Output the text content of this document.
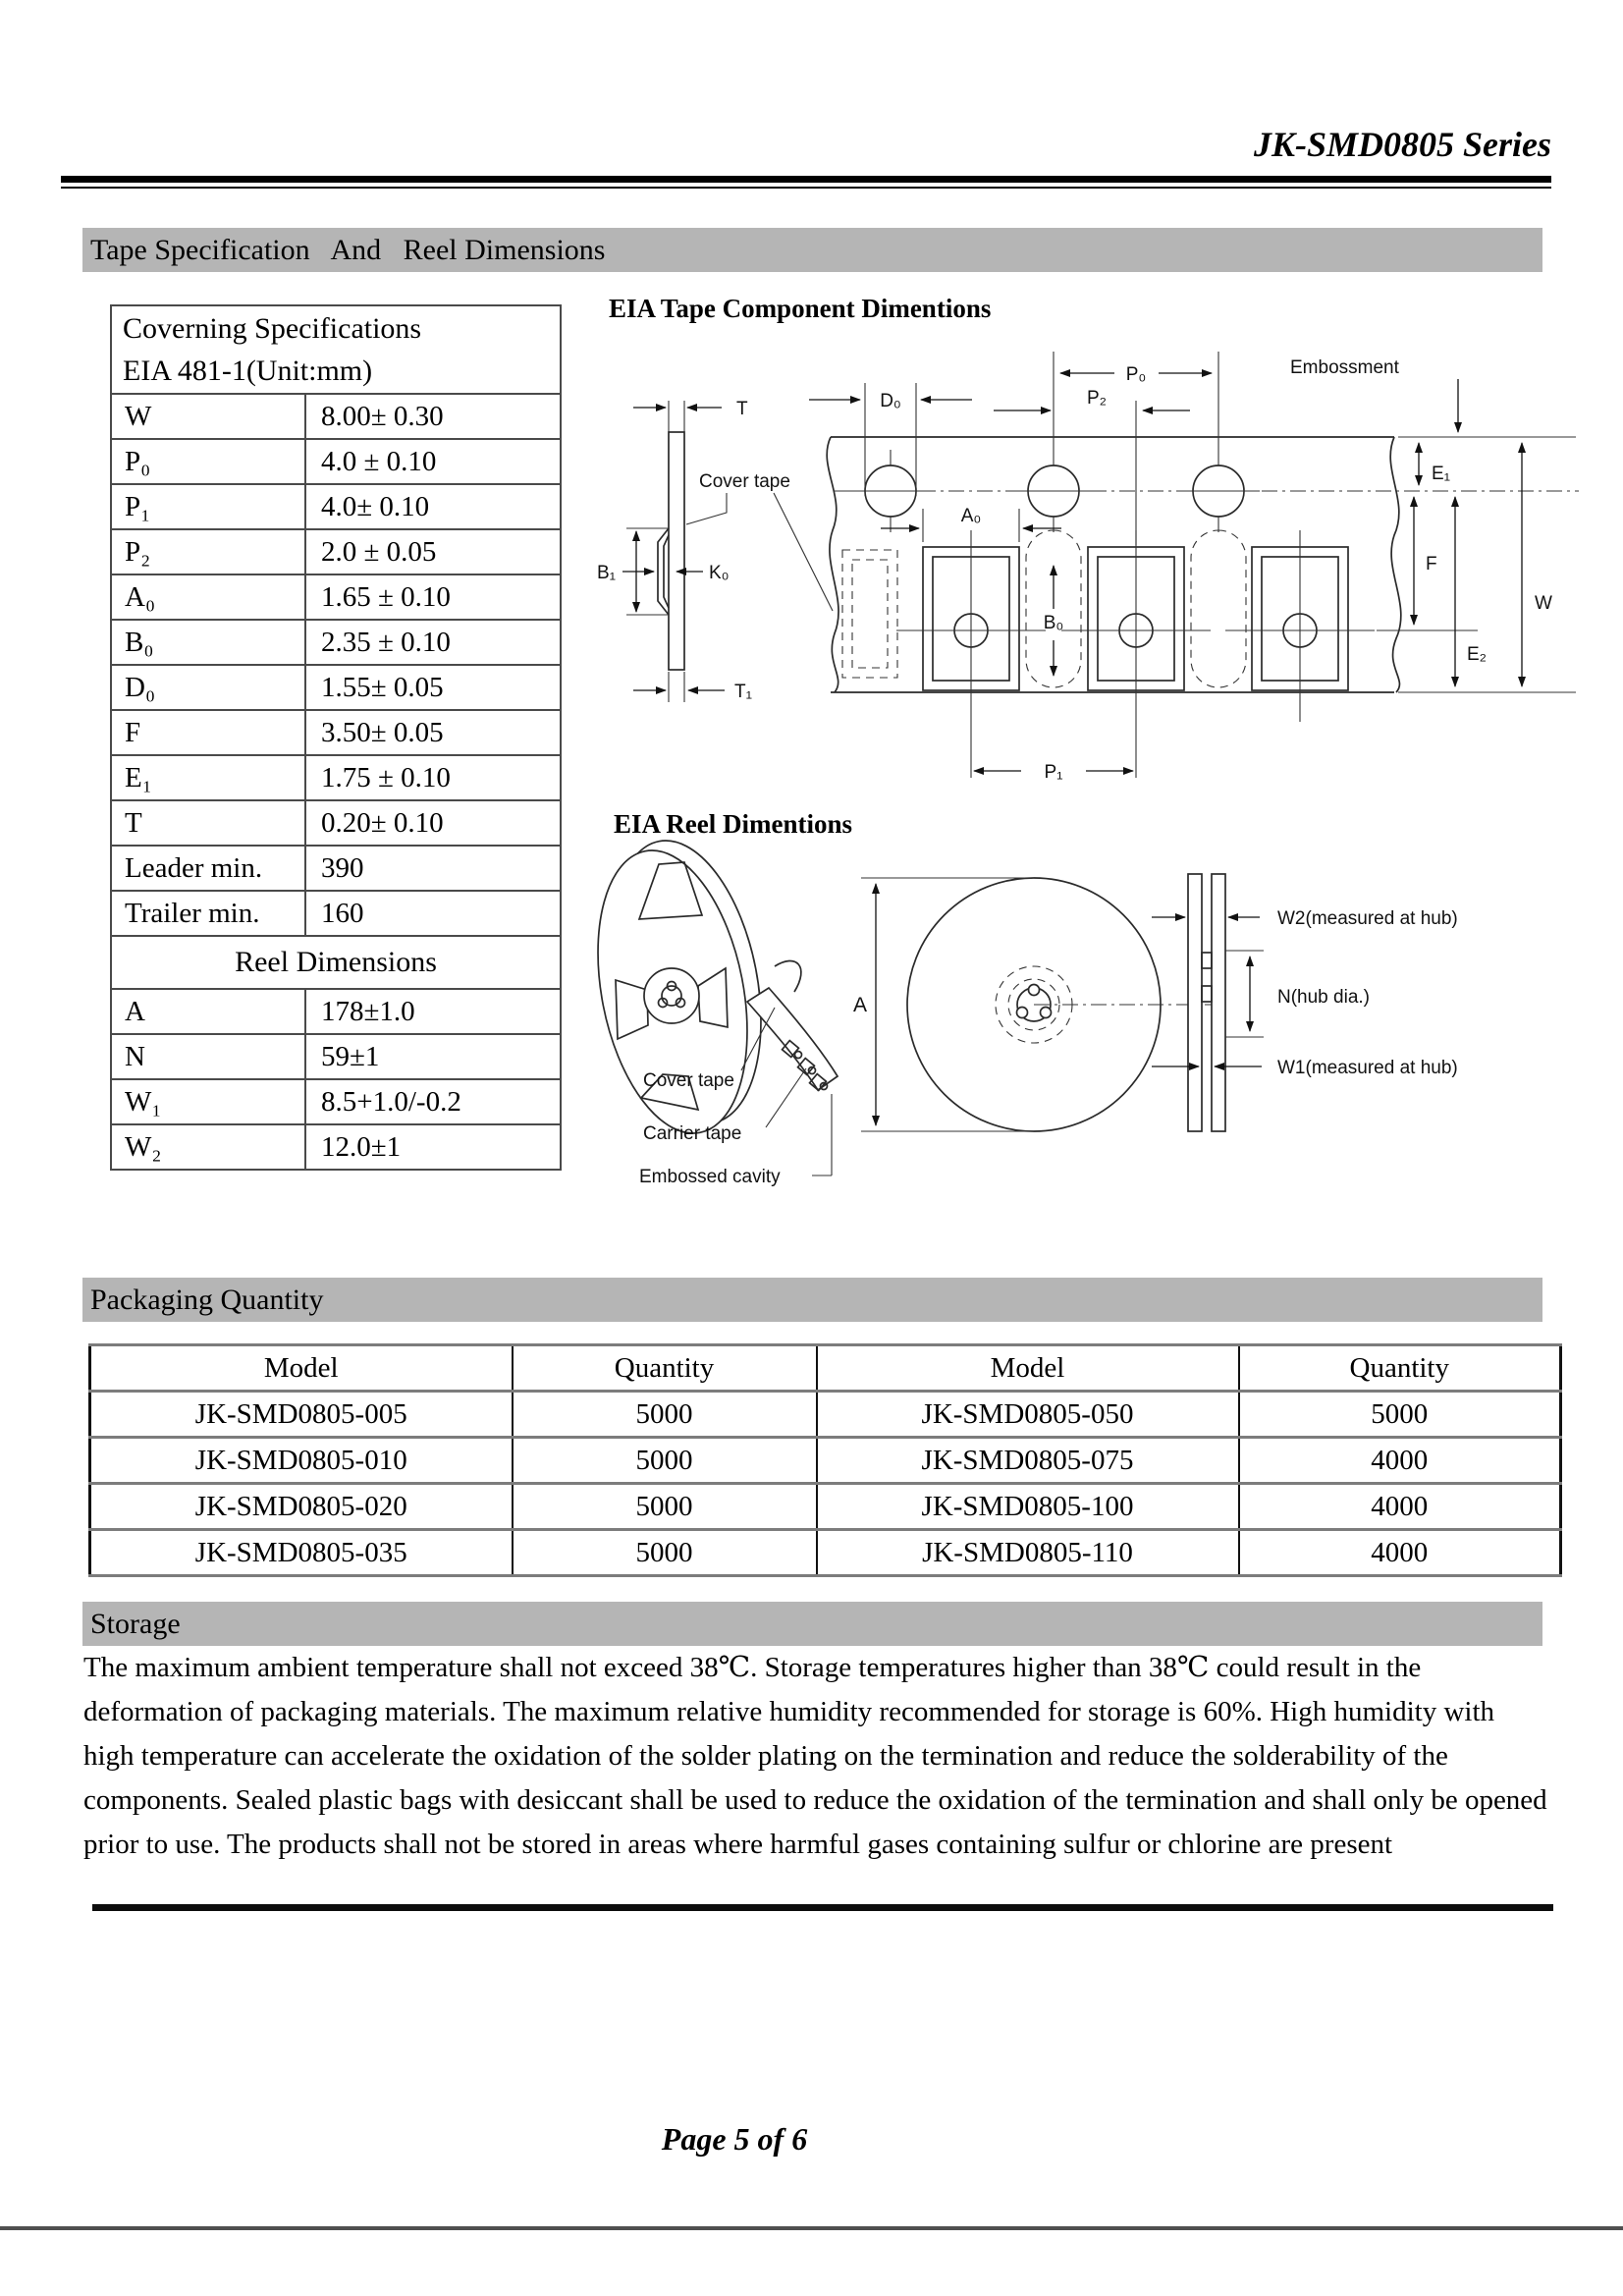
JK-SMD0805 Series
Tape Specification   And   Reel Dimensions
Coverning Specifications
EIA 481-1(Unit:mm)	

W	8.00± 0.30
P₀	4.0 ± 0.10
P₁	4.0± 0.10
P₂	2.0 ± 0.05
A₀	1.65 ± 0.10
B₀	2.35 ± 0.10
D₀	1.55± 0.05
F	3.50± 0.05
E₁	1.75 ± 0.10
T	0.20± 0.10
Leader min.	390
Trailer min.	160
Reel Dimensions	
A	178±1.0
N	59±1
W₁	8.5+1.0/-0.2
W₂	12.0±1
EIA Tape Component Dimentions
T
B₁	K₀
T₁
Cover tape
P₀
D₀	P₂
Embossment
A₀
B₀
P₁
E₁
F
E₂
W
EIA Reel Dimentions
Cover tape
Carrier tape
Embossed cavity
A
W2(measured at hub)
N(hub dia.)
W1(measured at hub)
Packaging Quantity
Model	Quantity	Model	Quantity
JK-SMD0805-005	5000	JK-SMD0805-050	5000
JK-SMD0805-010	5000	JK-SMD0805-075	4000
JK-SMD0805-020	5000	JK-SMD0805-100	4000
JK-SMD0805-035	5000	JK-SMD0805-110	4000
Storage
The maximum ambient temperature shall not exceed 38℃. Storage temperatures higher than 38℃ could result in the deformation of packaging materials. The maximum relative humidity recommended for storage is 60%. High humidity with high temperature can accelerate the oxidation of the solder plating on the termination and reduce the solderability of the components. Sealed plastic bags with desiccant shall be used to reduce the oxidation of the termination and shall only be opened prior to use. The products shall not be stored in areas where harmful gases containing sulfur or chlorine are present
Page 5 of 6
